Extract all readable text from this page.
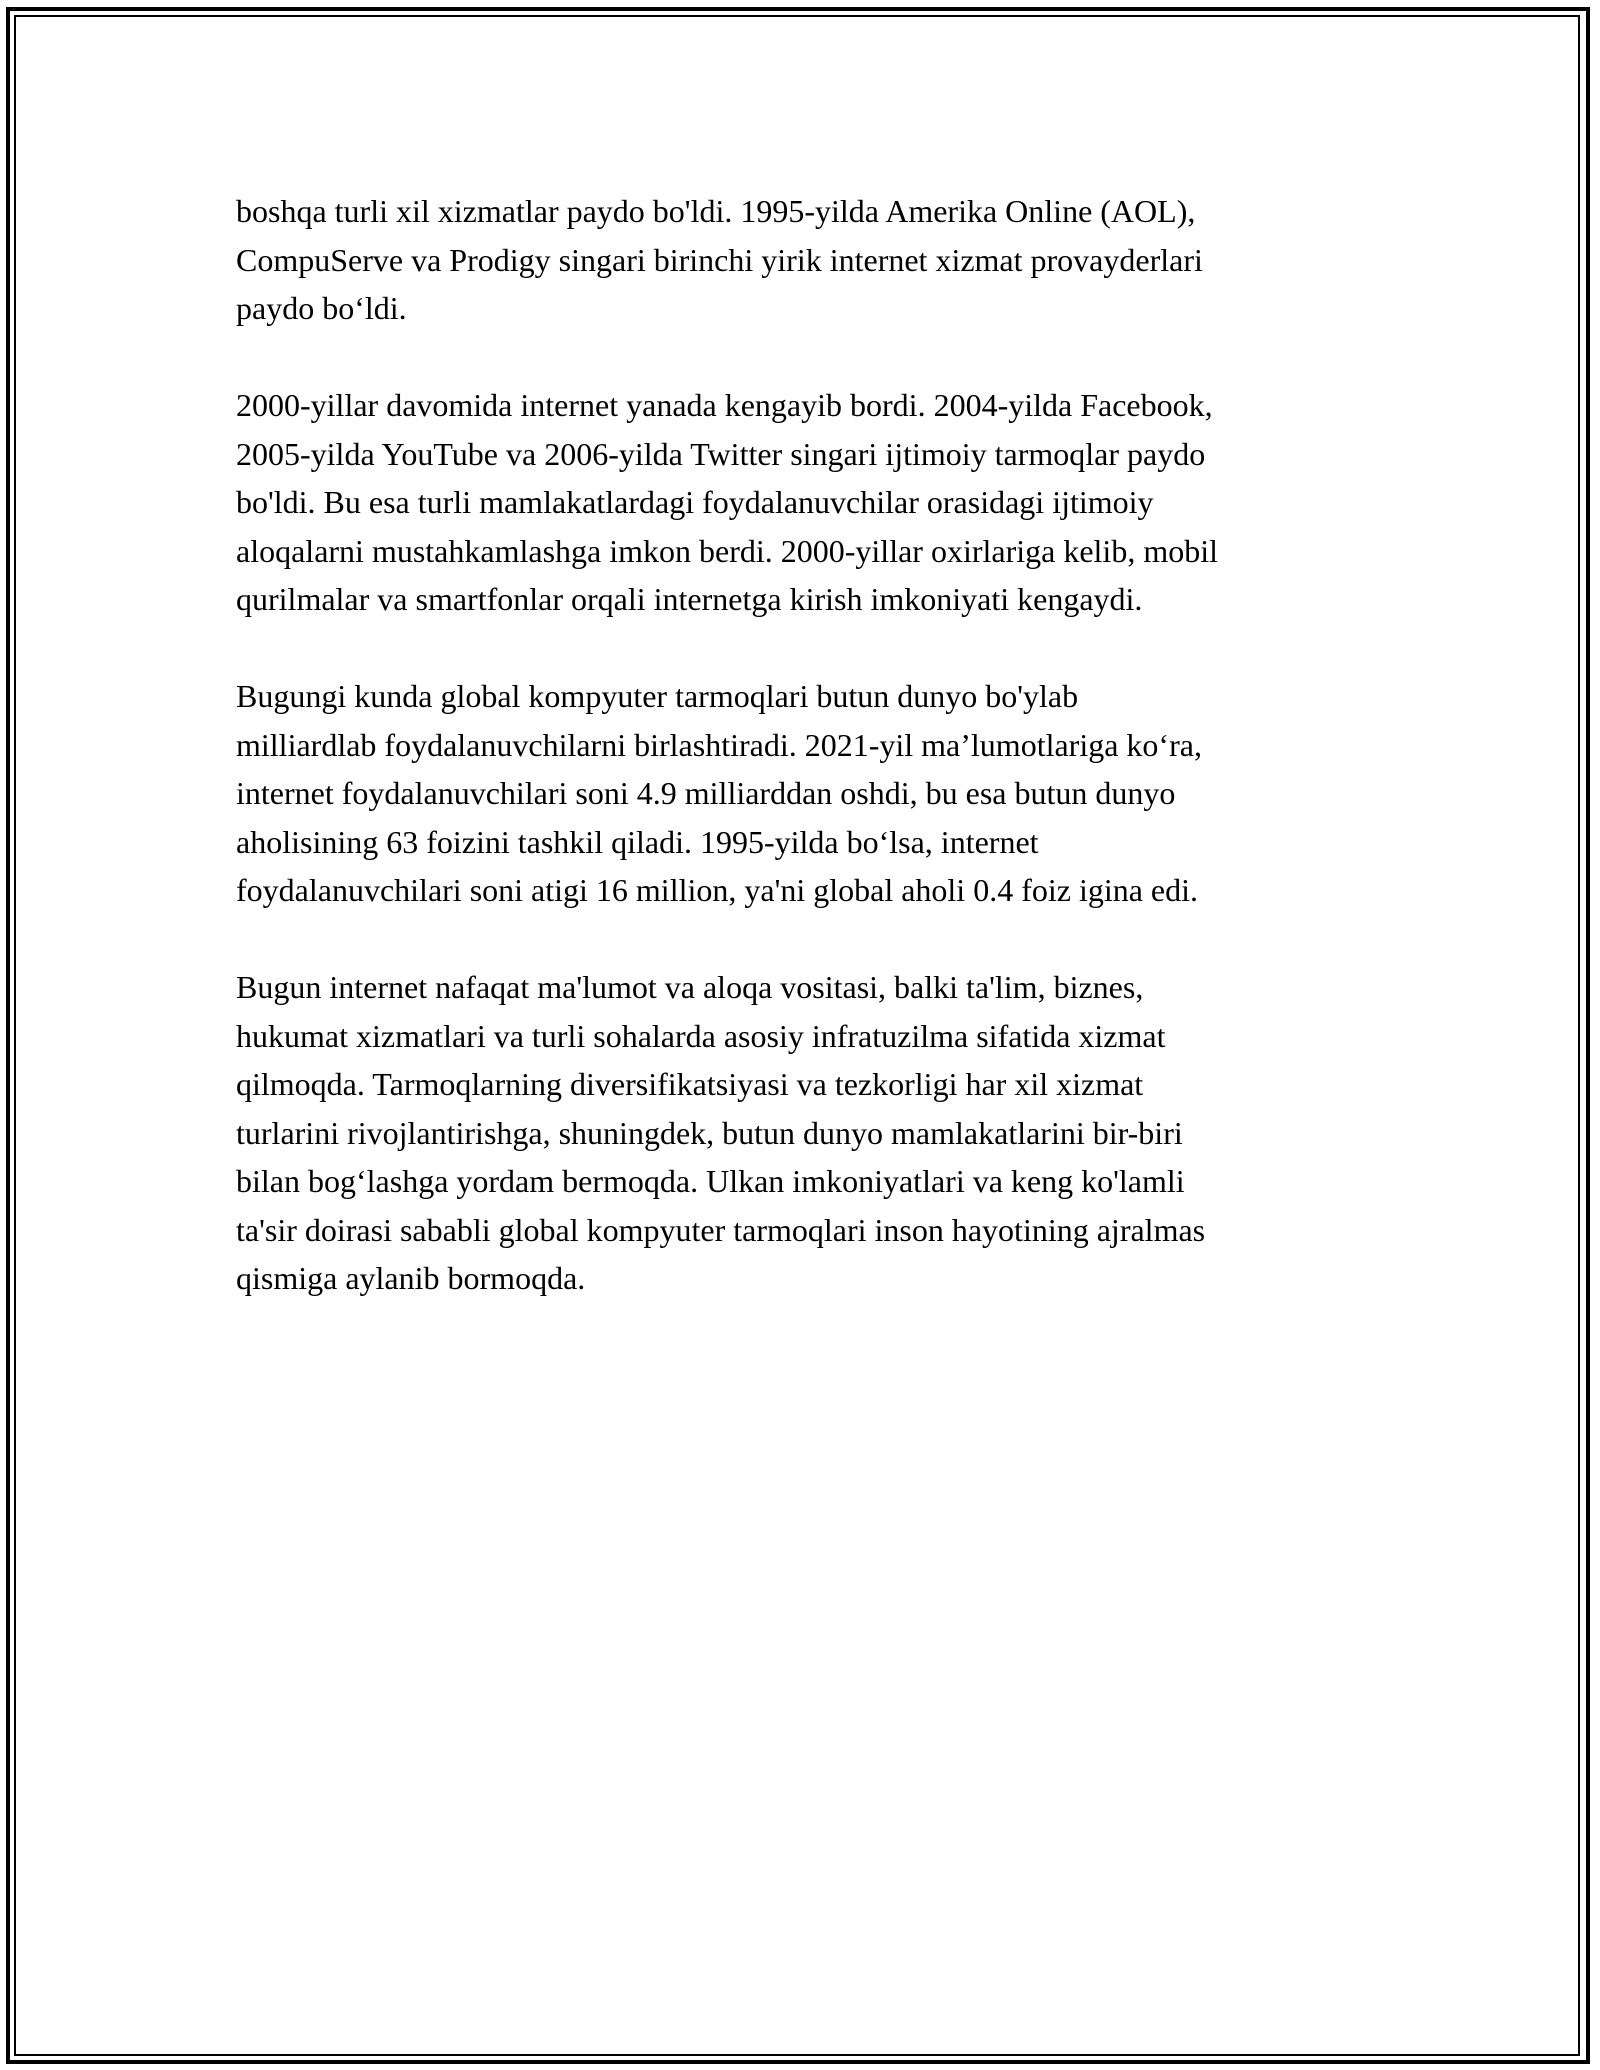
boshqa turli xil xizmatlar paydo bo'ldi. 1995-yilda Amerika Online (AOL),
CompuServe va Prodigy singari birinchi yirik internet xizmat provayderlari
paydo bo‘ldi.

2000-yillar davomida internet yanada kengayib bordi. 2004-yilda Facebook,
2005-yilda YouTube va 2006-yilda Twitter singari ijtimoiy tarmoqlar paydo
bo'ldi. Bu esa turli mamlakatlardagi foydalanuvchilar orasidagi ijtimoiy
aloqalarni mustahkamlashga imkon berdi. 2000-yillar oxirlariga kelib, mobil
qurilmalar va smartfonlar orqali internetga kirish imkoniyati kengaydi.

Bugungi kunda global kompyuter tarmoqlari butun dunyo bo'ylab
milliardlab foydalanuvchilarni birlashtiradi. 2021-yil ma’lumotlariga ko‘ra,
internet foydalanuvchilari soni 4.9 milliarddan oshdi, bu esa butun dunyo
aholisining 63 foizini tashkil qiladi. 1995-yilda bo‘lsa, internet
foydalanuvchilari soni atigi 16 million, ya'ni global aholi 0.4 foiz igina edi.

Bugun internet nafaqat ma'lumot va aloqa vositasi, balki ta'lim, biznes,
hukumat xizmatlari va turli sohalarda asosiy infratuzilma sifatida xizmat
qilmoqda. Tarmoqlarning diversifikatsiyasi va tezkorligi har xil xizmat
turlarini rivojlantirishga, shuningdek, butun dunyo mamlakatlarini bir-biri
bilan bog‘lashga yordam bermoqda. Ulkan imkoniyatlari va keng ko'lamli
ta'sir doirasi sababli global kompyuter tarmoqlari inson hayotining ajralmas
qismiga aylanib bormoqda.
